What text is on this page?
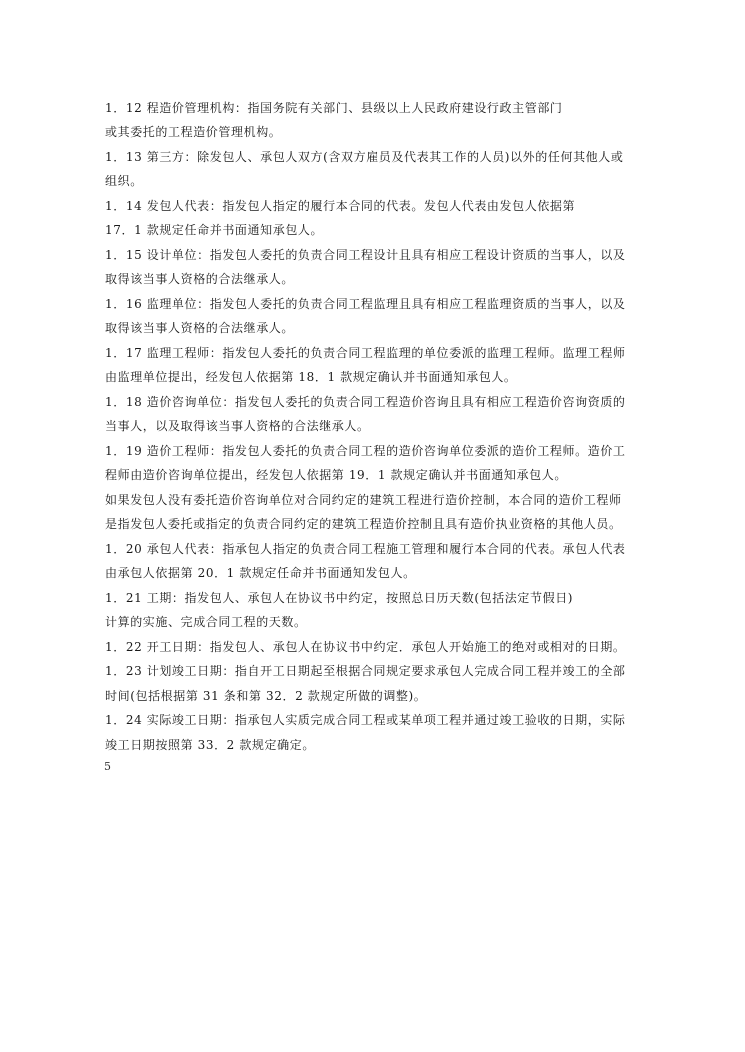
1．12 程造价管理机构：指国务院有关部门、县级以上人民政府建设行政主管部门
或其委托的工程造价管理机构。
1．13 第三方：除发包人、承包人双方(含双方雇员及代表其工作的人员)以外的任何其他人或
组织。
1．14 发包人代表：指发包人指定的履行本合同的代表。发包人代表由发包人依据第
17．1 款规定任命并书面通知承包人。
1．15 设计单位：指发包人委托的负责合同工程设计且具有相应工程设计资质的当事人，以及
取得该当事人资格的合法继承人。
1．16 监理单位：指发包人委托的负责合同工程监理且具有相应工程监理资质的当事人，以及
取得该当事人资格的合法继承人。
1．17 监理工程师：指发包人委托的负责合同工程监理的单位委派的监理工程师。监理工程师
由监理单位提出，经发包人依据第 18．1 款规定确认并书面通知承包人。
1．18 造价咨询单位：指发包人委托的负责合同工程造价咨询且具有相应工程造价咨询资质的
当事人，以及取得该当事人资格的合法继承人。
1．19 造价工程师：指发包人委托的负责合同工程的造价咨询单位委派的造价工程师。造价工
程师由造价咨询单位提出，经发包人依据第 19．1 款规定确认并书面通知承包人。
如果发包人没有委托造价咨询单位对合同约定的建筑工程进行造价控制，本合同的造价工程师
是指发包人委托或指定的负责合同约定的建筑工程造价控制且具有造价执业资格的其他人员。
1．20 承包人代表：指承包人指定的负责合同工程施工管理和履行本合同的代表。承包人代表
由承包人依据第 20．1 款规定任命并书面通知发包人。
1．21 工期：指发包人、承包人在协议书中约定，按照总日历天数(包括法定节假日)
计算的实施、完成合同工程的天数。
1．22 开工日期：指发包人、承包人在协议书中约定．承包人开始施工的绝对或相对的日期。
1．23 计划竣工日期：指自开工日期起至根据合同规定要求承包人完成合同工程并竣工的全部
时间(包括根据第 31 条和第 32．2 款规定所做的调整)。
1．24 实际竣工日期：指承包人实质完成合同工程或某单项工程并通过竣工验收的日期，实际
竣工日期按照第 33．2 款规定确定。
5
